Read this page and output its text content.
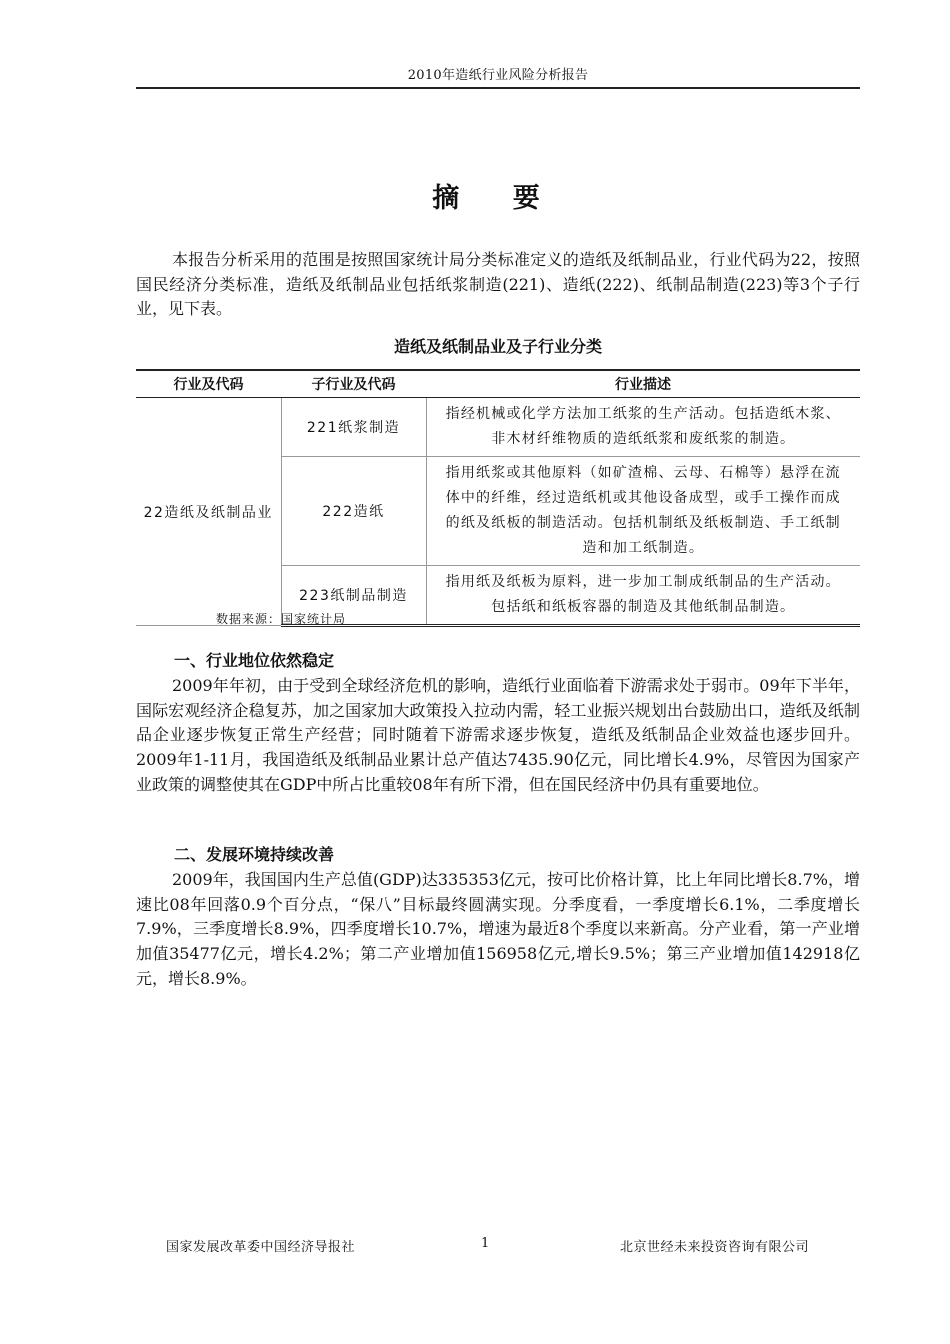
2010年造纸行业风险分析报告
摘 要

本报告分析采用的范围是按照国家统计局分类标准定义的造纸及纸制品业，行业代码为22，按照国民经济分类标准，造纸及纸制品业包括纸浆制造(221)、造纸(222)、纸制品制造(223)等3个子行业，见下表。

造纸及纸制品业及子行业分类
行业及代码	子行业及代码	行业描述
22造纸及纸制品业	221纸浆制造	指经机械或化学方法加工纸浆的生产活动。包括造纸木浆、非木材纤维物质的造纸纸浆和废纸浆的制造。
	222造纸	指用纸浆或其他原料（如矿渣棉、云母、石棉等）悬浮在流体中的纤维，经过造纸机或其他设备成型，或手工操作而成的纸及纸板的制造活动。包括机制纸及纸板制造、手工纸制造和加工纸制造。
	223纸制品制造	指用纸及纸板为原料，进一步加工制成纸制品的生产活动。包括纸和纸板容器的制造及其他纸制品制造。
数据来源：国家统计局
一、行业地位依然稳定

2009年年初，由于受到全球经济危机的影响，造纸行业面临着下游需求处于弱市。09年下半年，国际宏观经济企稳复苏，加之国家加大政策投入拉动内需，轻工业振兴规划出台鼓励出口，造纸及纸制品企业逐步恢复正常生产经营；同时随着下游需求逐步恢复，造纸及纸制品企业效益也逐步回升。2009年1-11月，我国造纸及纸制品业累计总产值达7435.90亿元，同比增长4.9%，尽管因为国家产业政策的调整使其在GDP中所占比重较08年有所下滑，但在国民经济中仍具有重要地位。

二、发展环境持续改善

2009年，我国国内生产总值(GDP)达335353亿元，按可比价格计算，比上年同比增长8.7%，增速比08年回落0.9个百分点，“保八”目标最终圆满实现。分季度看，一季度增长6.1%，二季度增长7.9%，三季度增长8.9%，四季度增长10.7%，增速为最近8个季度以来新高。分产业看，第一产业增加值35477亿元，增长4.2%；第二产业增加值156958亿元,增长9.5%；第三产业增加值142918亿元，增长8.9%。

国家发展改革委中国经济导报社	1	北京世经未来投资咨询有限公司
